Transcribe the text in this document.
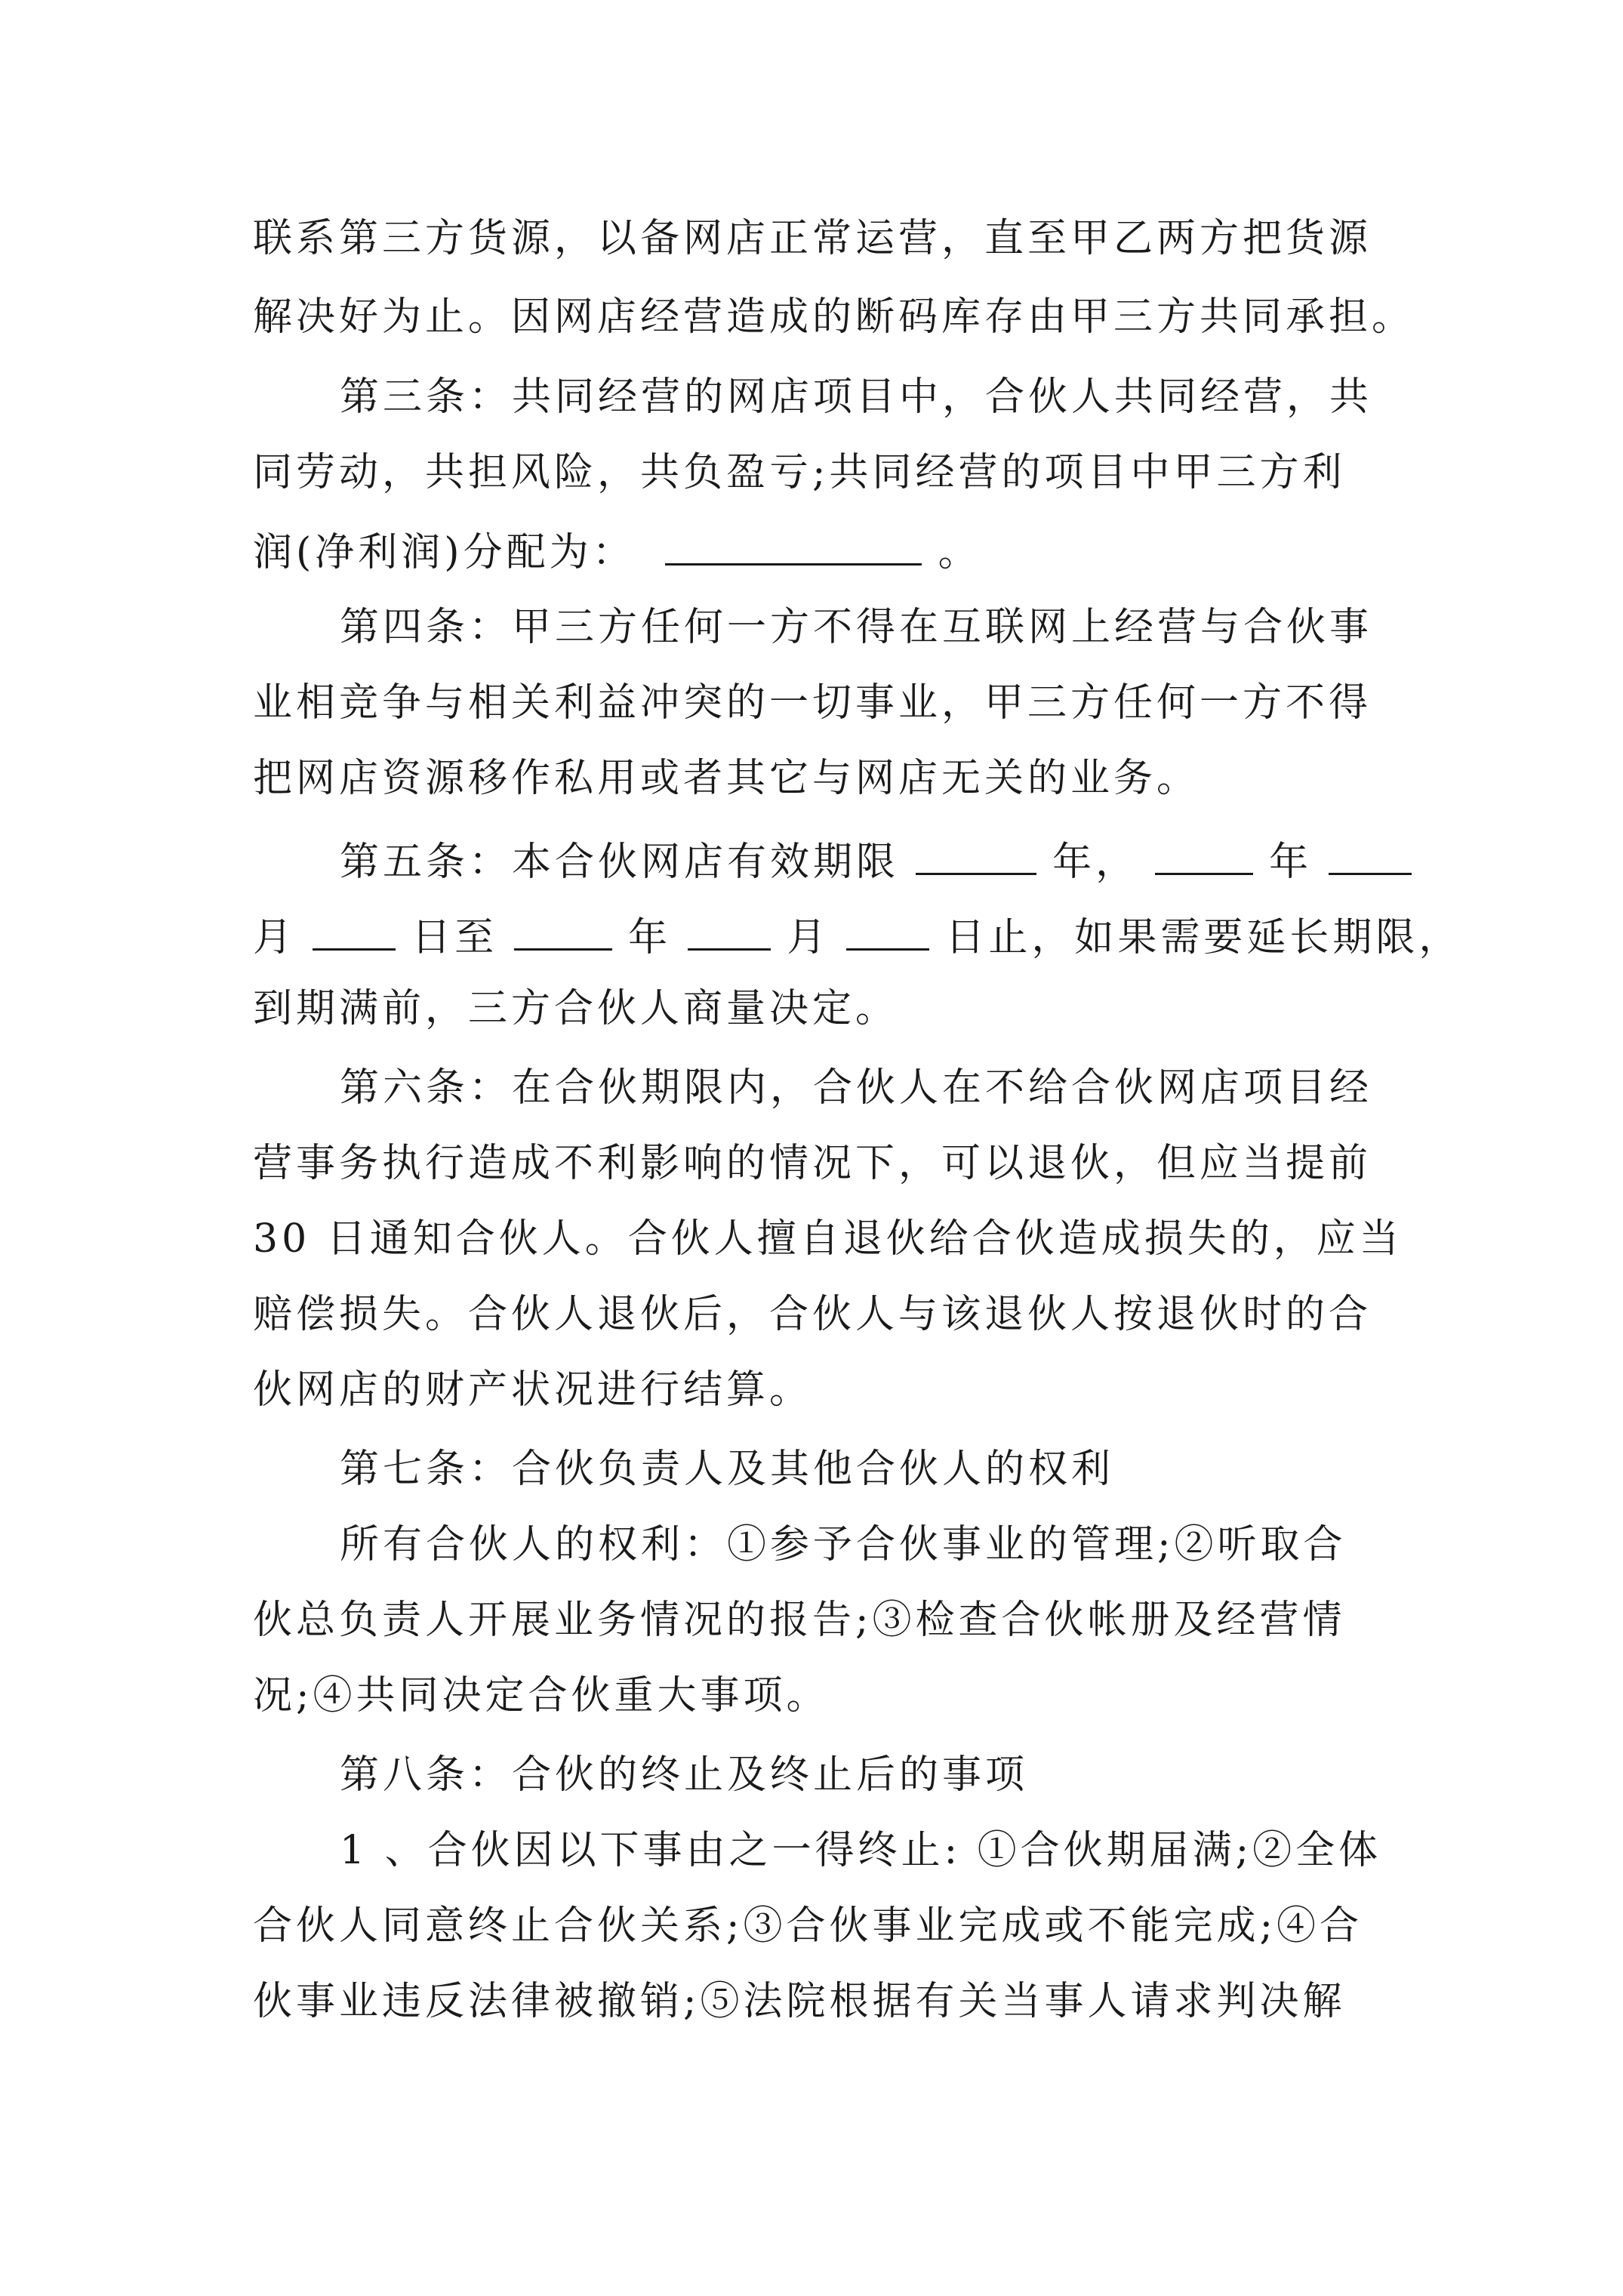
联系第三方货源，以备网店正常运营，直至甲乙两方把货源
解决好为止。因网店经营造成的断码库存由甲三方共同承担。
第三条：共同经营的网店项目中，合伙人共同经营，共
同劳动，共担风险，共负盈亏;共同经营的项目中甲三方利
润(净利润)分配为：	。
第四条：甲三方任何一方不得在互联网上经营与合伙事
业相竞争与相关利益冲突的一切事业，甲三方任何一方不得
把网店资源移作私用或者其它与网店无关的业务。
第五条：本合伙网店有效期限	年，	年
月	日至	年	月	日止，如果需要延长期限，
到期满前，三方合伙人商量决定。
第六条：在合伙期限内，合伙人在不给合伙网店项目经
营事务执行造成不利影响的情况下，可以退伙，但应当提前
30 日通知合伙人。合伙人擅自退伙给合伙造成损失的，应当
赔偿损失。合伙人退伙后，合伙人与该退伙人按退伙时的合
伙网店的财产状况进行结算。
第七条：合伙负责人及其他合伙人的权利
所有合伙人的权利：①参予合伙事业的管理;②听取合
伙总负责人开展业务情况的报告;③检查合伙帐册及经营情
况;④共同决定合伙重大事项。
第八条：合伙的终止及终止后的事项
1 、合伙因以下事由之一得终止: ①合伙期届满;②全体
合伙人同意终止合伙关系;③合伙事业完成或不能完成;④合
伙事业违反法律被撤销;⑤法院根据有关当事人请求判决解
